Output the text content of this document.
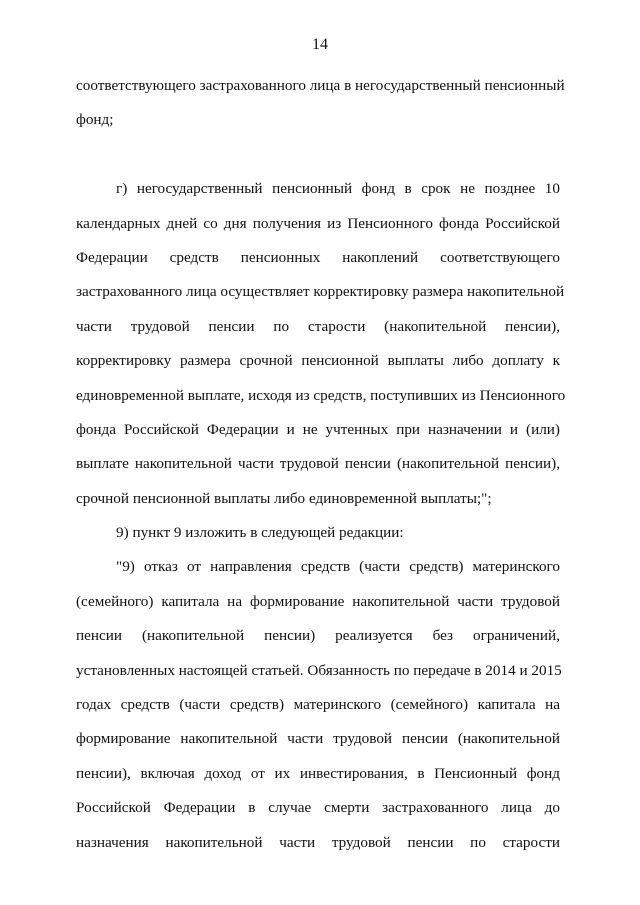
14
соответствующего застрахованного лица в негосударственный пенсионный
фонд;
г) негосударственный пенсионный фонд в срок не позднее 10
календарных дней со дня получения из Пенсионного фонда Российской
Федерации средств пенсионных накоплений соответствующего
застрахованного лица осуществляет корректировку размера накопительной
части трудовой пенсии по старости (накопительной пенсии),
корректировку размера срочной пенсионной выплаты либо доплату к
единовременной выплате, исходя из средств, поступивших из Пенсионного
фонда Российской Федерации и не учтенных при назначении и (или)
выплате накопительной части трудовой пенсии (накопительной пенсии),
срочной пенсионной выплаты либо единовременной выплаты;";
9) пункт 9 изложить в следующей редакции:
"9) отказ от направления средств (части средств) материнского
(семейного) капитала на формирование накопительной части трудовой
пенсии (накопительной пенсии) реализуется без ограничений,
установленных настоящей статьей. Обязанность по передаче в 2014 и 2015
годах средств (части средств) материнского (семейного) капитала на
формирование накопительной части трудовой пенсии (накопительной
пенсии), включая доход от их инвестирования, в Пенсионный фонд
Российской Федерации в случае смерти застрахованного лица до
назначения накопительной части трудовой пенсии по старости
